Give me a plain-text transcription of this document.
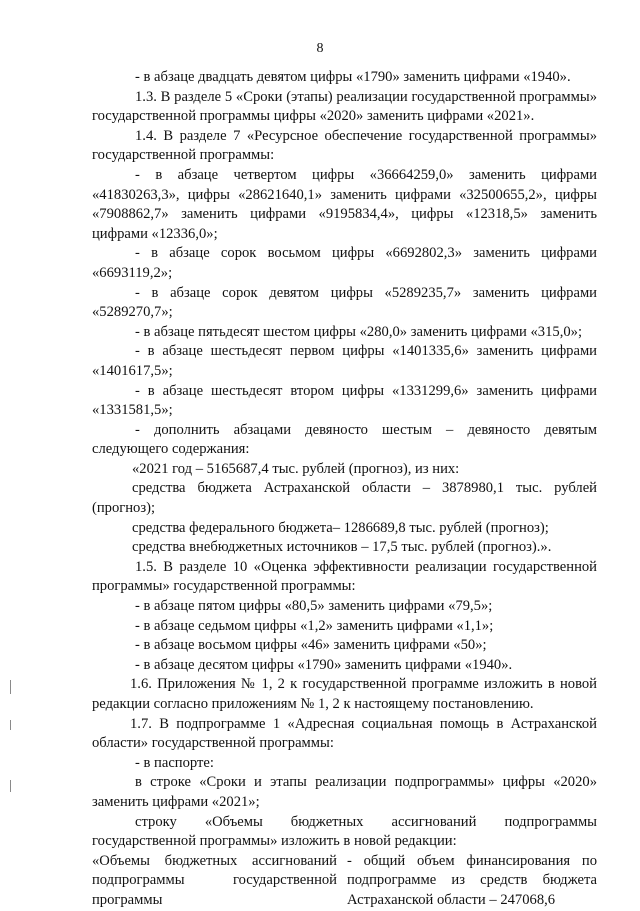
8

- в абзаце двадцать девятом цифры «1790» заменить цифрами «1940».

1.3. В разделе 5 «Сроки (этапы) реализации государственной программы» государственной программы цифры «2020» заменить цифрами «2021».

1.4. В разделе 7 «Ресурсное обеспечение государственной программы» государственной программы:

- в абзаце четвертом цифры «36664259,0» заменить цифрами «41830263,3», цифры «28621640,1» заменить цифрами «32500655,2», цифры «7908862,7» заменить цифрами «9195834,4», цифры «12318,5» заменить цифрами «12336,0»;

- в абзаце сорок восьмом цифры «6692802,3» заменить цифрами «6693119,2»;

- в абзаце сорок девятом цифры «5289235,7» заменить цифрами «5289270,7»;

- в абзаце пятьдесят шестом цифры «280,0» заменить цифрами «315,0»;

- в абзаце шестьдесят первом цифры «1401335,6» заменить цифрами «1401617,5»;

- в абзаце шестьдесят втором цифры «1331299,6» заменить цифрами «1331581,5»;

- дополнить абзацами девяносто шестым – девяносто девятым следующего содержания:

«2021 год – 5165687,4 тыс. рублей (прогноз), из них:

средства бюджета Астраханской области – 3878980,1 тыс. рублей (прогноз);

средства федерального бюджета– 1286689,8 тыс. рублей (прогноз);

средства внебюджетных источников – 17,5 тыс. рублей (прогноз).».

1.5. В разделе 10 «Оценка эффективности реализации государственной программы» государственной программы:

- в абзаце пятом цифры «80,5» заменить цифрами «79,5»;

- в абзаце седьмом цифры «1,2» заменить цифрами «1,1»;

- в абзаце восьмом цифры «46» заменить цифрами «50»;

- в абзаце десятом цифры «1790» заменить цифрами «1940».

1.6. Приложения № 1, 2 к государственной программе изложить в новой редакции согласно приложениям № 1, 2 к настоящему постановлению.

1.7. В подпрограмме 1 «Адресная социальная помощь в Астраханской области» государственной программы:

- в паспорте:

в строке «Сроки и этапы реализации подпрограммы» цифры «2020» заменить цифрами «2021»;

строку «Объемы бюджетных ассигнований подпрограммы государственной программы» изложить в новой редакции:

«Объемы бюджетных ассигнований подпрограммы государственной программы
- общий объем финансирования по подпрограмме из средств бюджета Астраханской области – 247068,6
